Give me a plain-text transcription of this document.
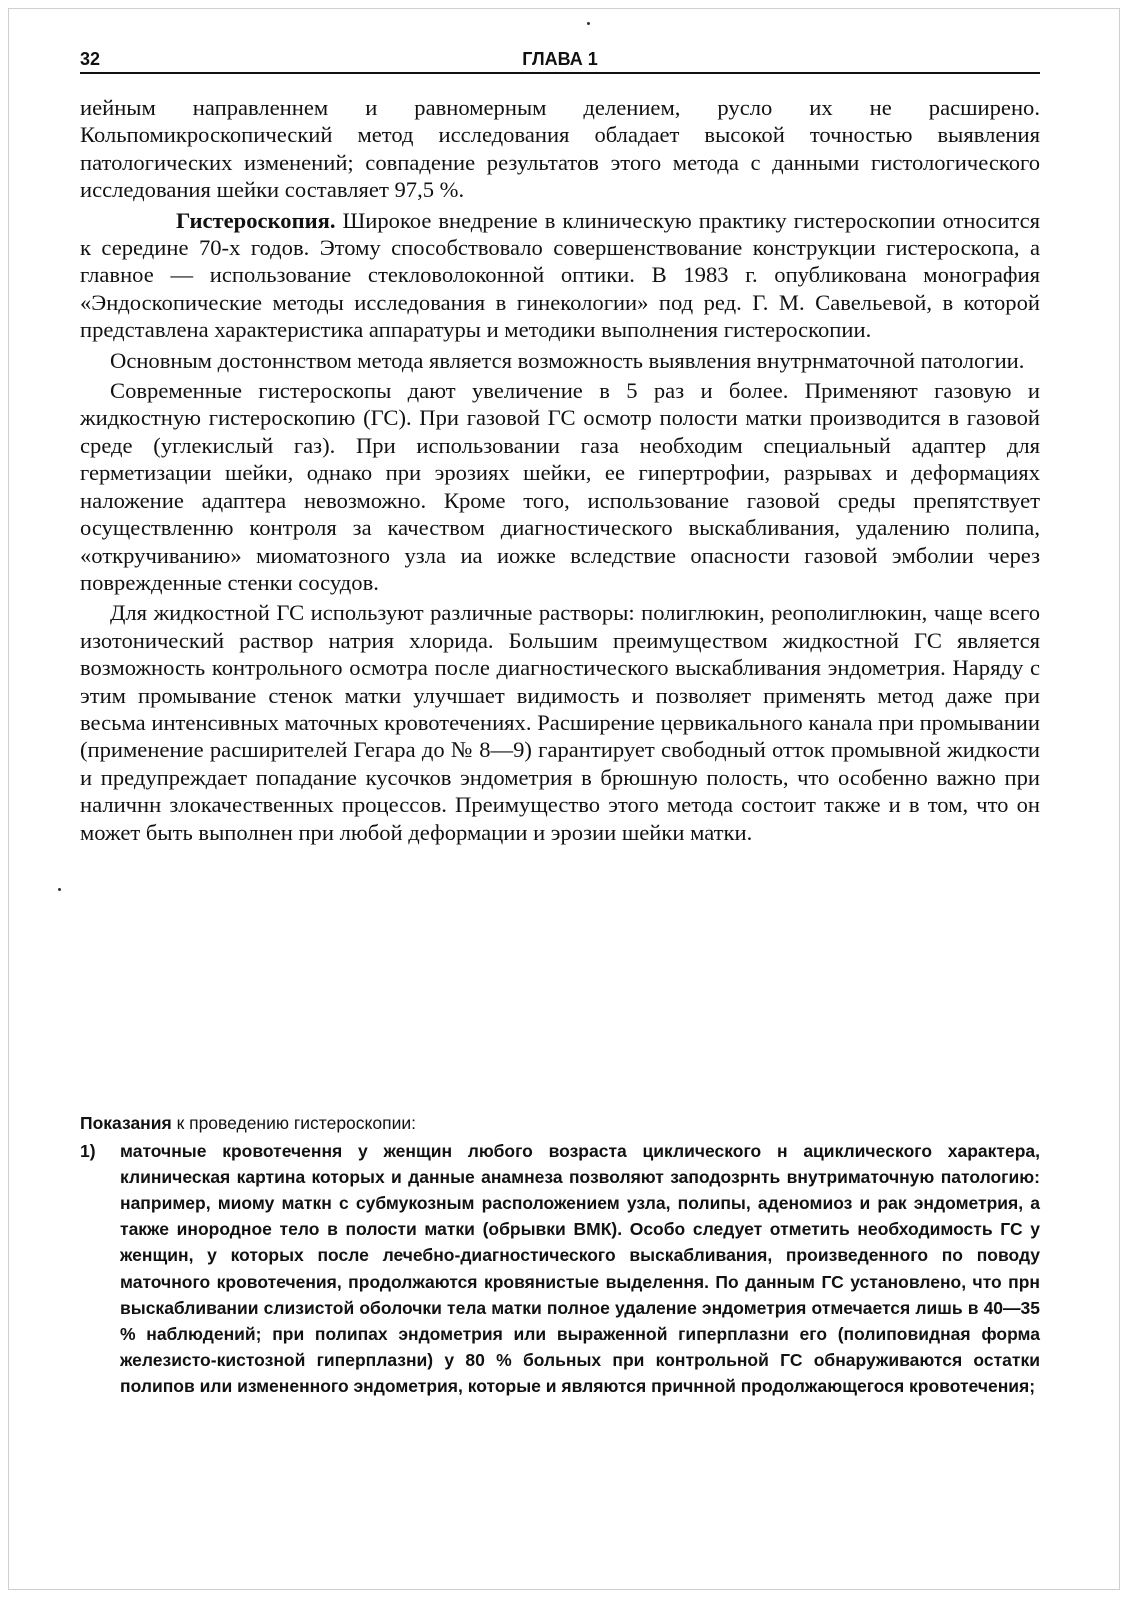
32	ГЛАВА 1

иейным направленнем и равномерным делением, русло их не расширено. Кольпомикроскопический метод исследования обладает высокой точностью выявления патологических изменений; совпадение результатов этого метода с данными гистологического исследования шейки составляет 97,5 %.

Гистероскопия. Широкое внедрение в клиническую практику гистероскопии относится к середине 70-х годов. Этому способствовало совершенствование конструкции гистероскопа, а главное — использование стекловолоконной оптики. В 1983 г. опубликована монография «Эндоскопические методы исследования в гинекологии» под ред. Г. М. Савельевой, в которой представлена характеристика аппаратуры и методики выполнения гистероскопии.

Основным достоннством метода является возможность выявления внутрнматочной патологии.

Современные гистероскопы дают увеличение в 5 раз и более. Применяют газовую и жидкостную гистероскопию (ГС). При газовой ГС осмотр полости матки производится в газовой среде (углекислый газ). При использовании газа необходим специальный адаптер для герметизации шейки, однако при эрозиях шейки, ее гипертрофии, разрывах и деформациях наложение адаптера невозможно. Кроме того, использование газовой среды препятствует осуществленню контроля за качеством диагностического выскабливания, удалению полипа, «откручиванию» миоматозного узла иа иожке вследствие опасности газовой эмболии через поврежденные стенки сосудов.

Для жидкостной ГС используют различные растворы: полиглюкин, реополиглюкин, чаще всего изотонический раствор натрия хлорида. Большим преимуществом жидкостной ГС является возможность контрольного осмотра после диагностического выскабливания эндометрия. Наряду с этим промывание стенок матки улучшает видимость и позволяет применять метод даже при весьма интенсивных маточных кровотечениях. Расширение цервикального канала при промывании (применение расширителей Гегара до № 8—9) гарантирует свободный отток промывной жидкости и предупреждает попадание кусочков эндометрия в брюшную полость, что особенно важно при наличнн злокачественных процессов. Преимущество этого метода состоит также и в том, что он может быть выполнен при любой деформации и эрозии шейки матки.

Показания к проведению гистероскопии:
1)	маточные кровотечення у женщин любого возраста циклического н ацикличеcкого характера, клиническая картина которых и данные анамнеза позволяют заподозрнть внутриматочную патологию: например, миому маткн с субмукозным расположением узла, полипы, аденомиоз и рак эндометрия, а также инородное тело в полости матки (обрывки ВМК). Особо следует отметить необходимость ГС у женщин, у которых после лечебно-диагностического выскабливания, произведенного по поводу маточного кровотечения, продолжаются кровянистые выделення. По данным ГС установлено, что прн выскабливании слизистой оболочки тела матки полное удаление эндометрия отмечается лишь в 40—35 % наблюдений; при полипах эндометрия или выраженной гиперплазни его (полиповидная форма железисто-кистозной гиперплазни) у 80 % больных при контрольной ГС обнаруживаются остатки полипов или измененного эндометрия, которые и являются причнной продолжающегося кровотечения;
